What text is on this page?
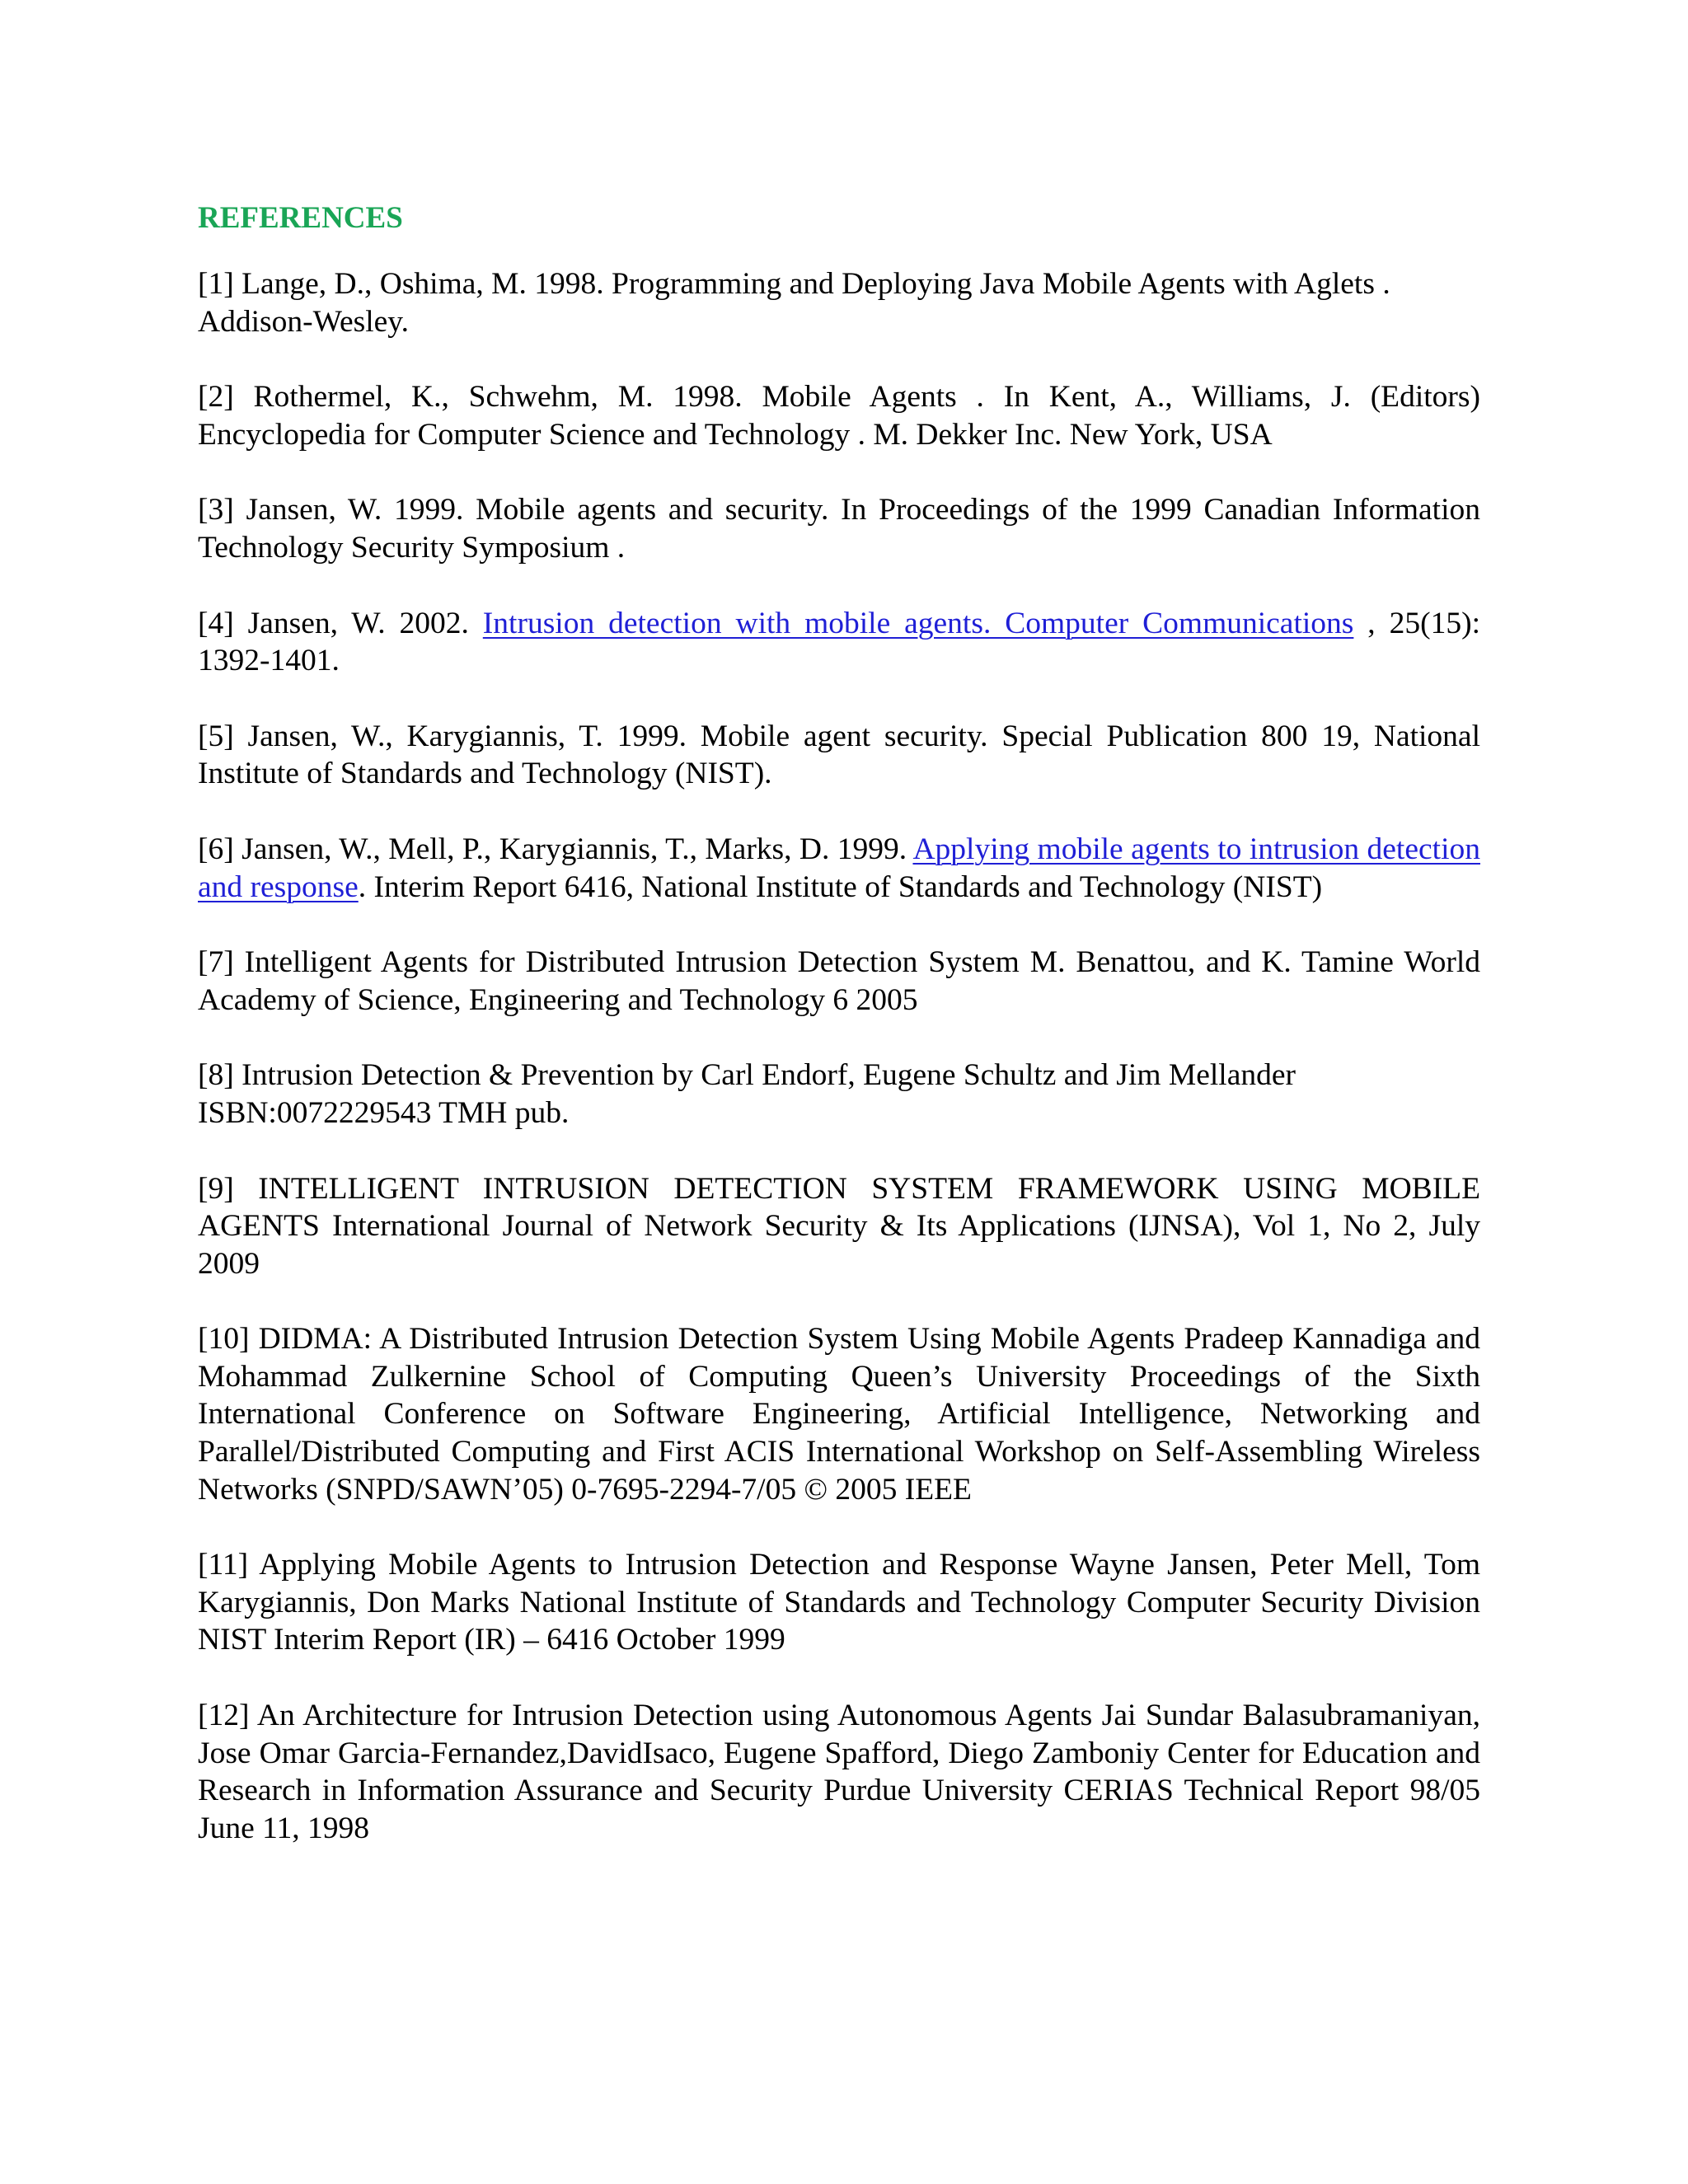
REFERENCES
[1] Lange, D., Oshima, M. 1998. Programming and Deploying Java Mobile Agents with Aglets . Addison-Wesley.
[2] Rothermel, K., Schwehm, M. 1998. Mobile Agents . In Kent, A., Williams, J. (Editors) Encyclopedia for Computer Science and Technology . M. Dekker Inc. New York, USA
[3] Jansen, W. 1999. Mobile agents and security. In Proceedings of the 1999 Canadian Information Technology Security Symposium .
[4] Jansen, W. 2002. Intrusion detection with mobile agents. Computer Communications , 25(15): 1392-1401.
[5] Jansen, W., Karygiannis, T. 1999. Mobile agent security. Special Publication 800 19, National Institute of Standards and Technology (NIST).
[6] Jansen, W., Mell, P., Karygiannis, T., Marks, D. 1999. Applying mobile agents to intrusion detection and response. Interim Report 6416, National Institute of Standards and Technology (NIST)
[7] Intelligent Agents for Distributed Intrusion Detection System M. Benattou, and K. Tamine World Academy of Science, Engineering and Technology 6 2005
[8] Intrusion Detection & Prevention by Carl Endorf, Eugene Schultz and Jim Mellander ISBN:0072229543 TMH pub.
[9] INTELLIGENT INTRUSION DETECTION SYSTEM FRAMEWORK USING MOBILE AGENTS International Journal of Network Security & Its Applications (IJNSA), Vol 1, No 2, July 2009
[10] DIDMA: A Distributed Intrusion Detection System Using Mobile Agents Pradeep Kannadiga and Mohammad Zulkernine School of Computing Queen’s University Proceedings of the Sixth International Conference on Software Engineering, Artificial Intelligence, Networking and Parallel/Distributed Computing and First ACIS International Workshop on Self-Assembling Wireless Networks (SNPD/SAWN’05) 0-7695-2294-7/05 © 2005 IEEE
[11] Applying Mobile Agents to Intrusion Detection and Response Wayne Jansen, Peter Mell, Tom Karygiannis, Don Marks National Institute of Standards and Technology Computer Security Division NIST Interim Report (IR) – 6416 October 1999
[12] An Architecture for Intrusion Detection using Autonomous Agents Jai Sundar Balasubramaniyan, Jose Omar Garcia-Fernandez,DavidIsaco, Eugene Spafford, Diego Zamboniy Center for Education and Research in Information Assurance and Security Purdue University CERIAS Technical Report 98/05 June 11, 1998
